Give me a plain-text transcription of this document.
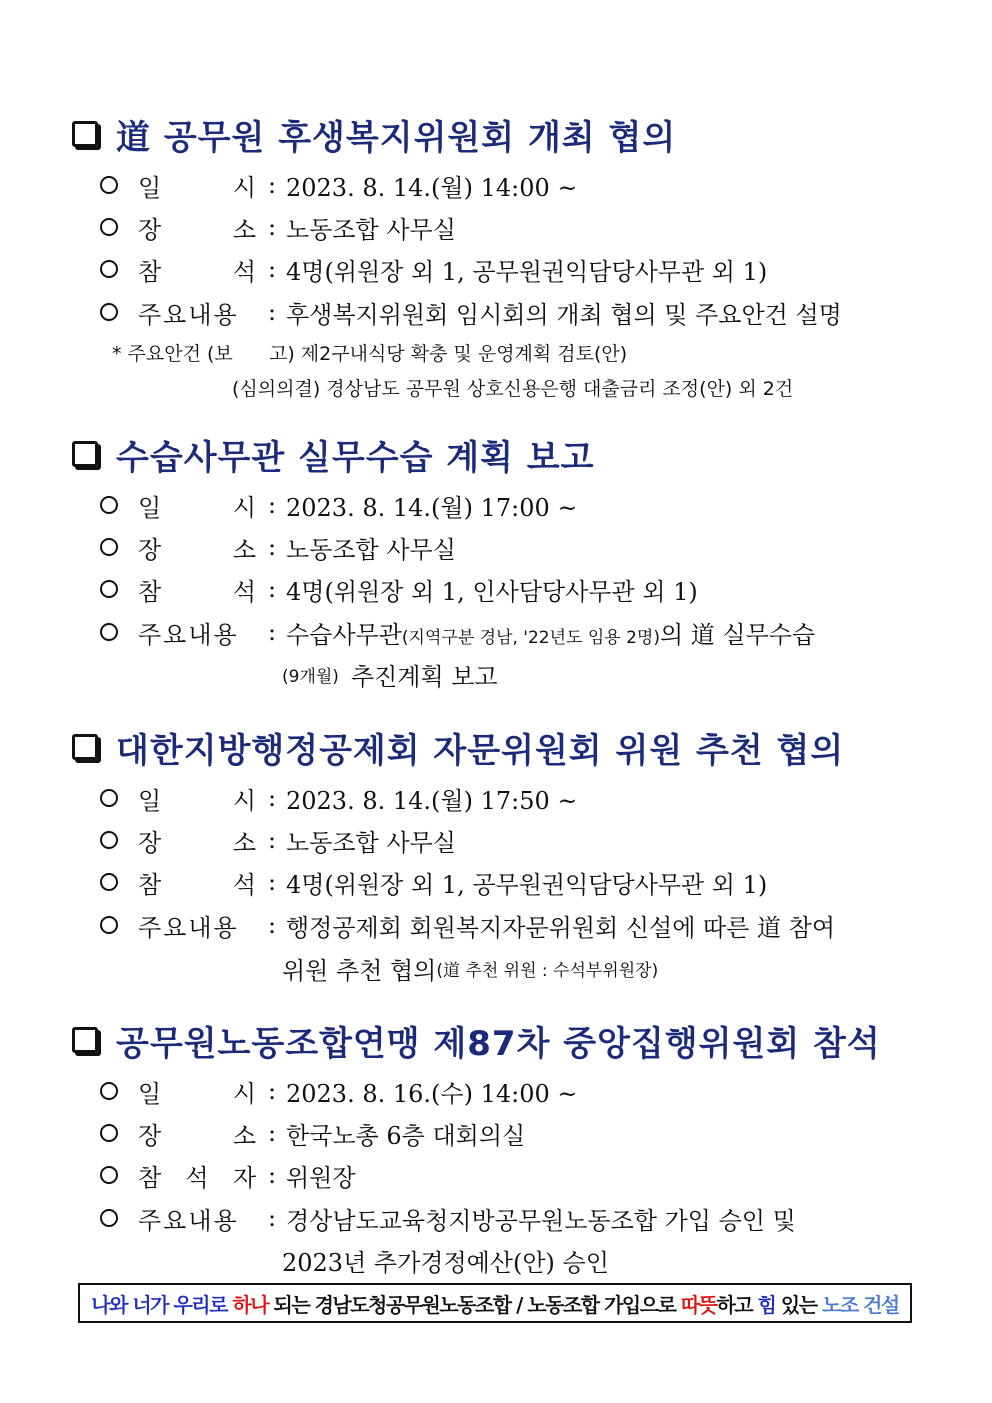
道 공무원 후생복지위원회 개최 협의
일 시 : 2023. 8. 14.(월) 14:00 ~
장 소 : 노동조합 사무실
참 석 : 4명(위원장 외 1, 공무원권익담당사무관 외 1)
주요내용	: 후생복지위원회 임시회의 개최 협의 및 주요안건 설명
* 주요안건 (보      고) 제2구내식당 확충 및 운영계획 검토(안)
(심의의결) 경상남도 공무원 상호신용은행 대출금리 조정(안) 외 2건
수습사무관 실무수습 계획 보고
일 시 : 2023. 8. 14.(월) 17:00 ~
장 소 : 노동조합 사무실
참 석 : 4명(위원장 외 1, 인사담당사무관 외 1)
주요내용	: 수습사무관(지역구분 경남, '22년도 임용 2명)의 道 실무수습
(9개월) 추진계획 보고
대한지방행정공제회 자문위원회 위원 추천 협의
일 시 : 2023. 8. 14.(월) 17:50 ~
장 소 : 노동조합 사무실
참 석 : 4명(위원장 외 1, 공무원권익담당사무관 외 1)
주요내용	: 행정공제회 회원복지자문위원회 신설에 따른 道 참여
위원 추천 협의 (道 추천 위원 : 수석부위원장)
공무원노동조합연맹 제87차 중앙집행위원회 참석
일 시 : 2023. 8. 16.(수) 14:00 ~
장 소 : 한국노총 6층 대회의실
참 석 자 : 위원장
주요내용	: 경상남도교육청지방공무원노동조합 가입 승인 및
2023년 추가경정예산(안) 승인
나와 너가 우리로 하나 되는 경남도청공무원노동조합 / 노동조합 가입으로 따뜻 하고 힘 있는 노조 건설
